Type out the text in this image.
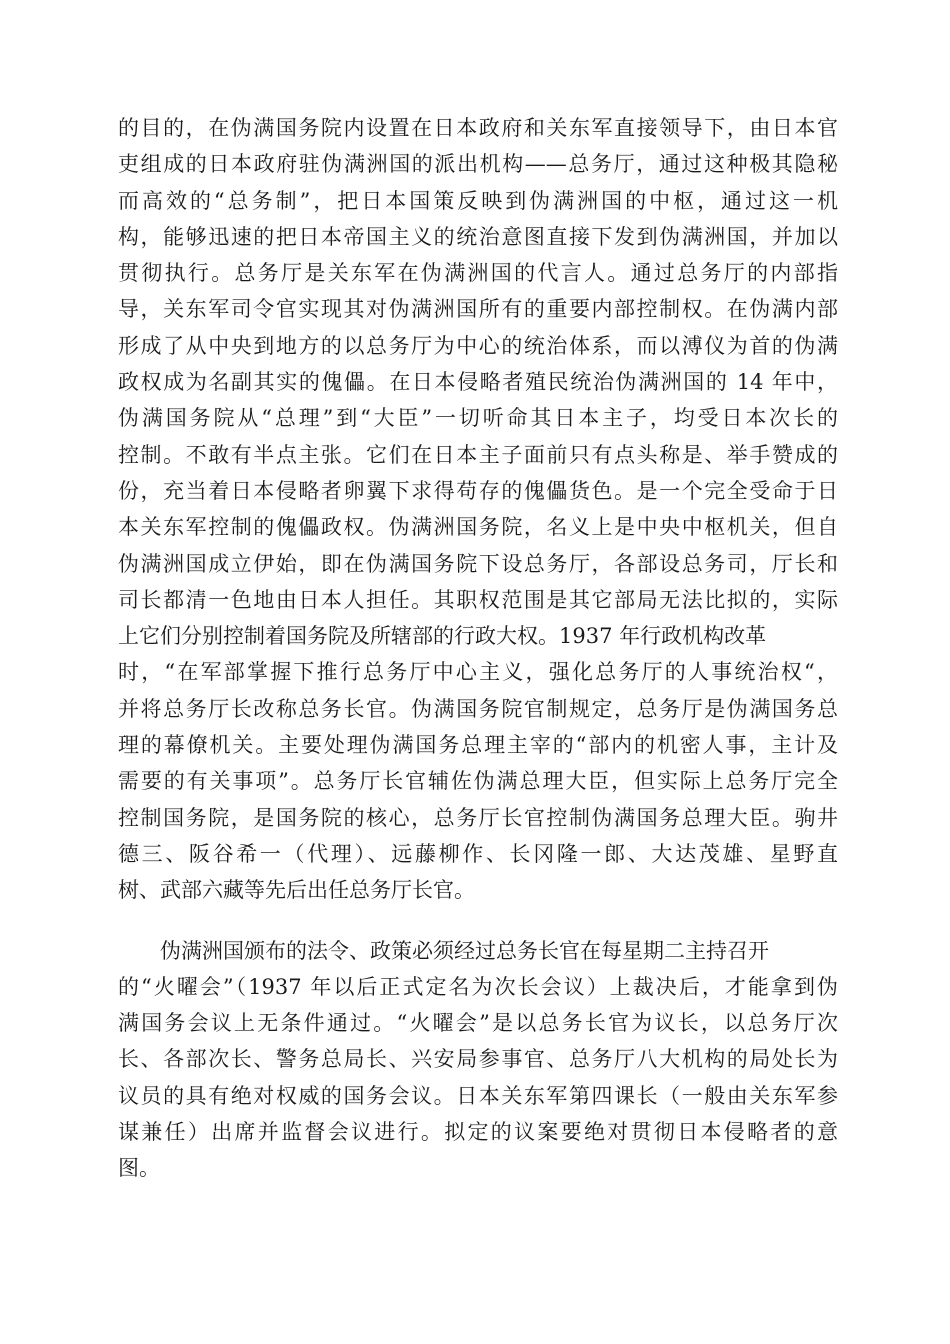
的目的，在伪满国务院内设置在日本政府和关东军直接领导下，由日本官
吏组成的日本政府驻伪满洲国的派出机构——总务厅，通过这种极其隐秘
而高效的“总务制”，把日本国策反映到伪满洲国的中枢，通过这一机
构，能够迅速的把日本帝国主义的统治意图直接下发到伪满洲国，并加以
贯彻执行。总务厅是关东军在伪满洲国的代言人。通过总务厅的内部指
导，关东军司令官实现其对伪满洲国所有的重要内部控制权。在伪满内部
形成了从中央到地方的以总务厅为中心的统治体系，而以溥仪为首的伪满
政权成为名副其实的傀儡。在日本侵略者殖民统治伪满洲国的 14 年中，
伪满国务院从“总理”到“大臣”一切听命其日本主子，均受日本次长的
控制。不敢有半点主张。它们在日本主子面前只有点头称是、举手赞成的
份，充当着日本侵略者卵翼下求得苟存的傀儡货色。是一个完全受命于日
本关东军控制的傀儡政权。伪满洲国务院，名义上是中央中枢机关，但自
伪满洲国成立伊始，即在伪满国务院下设总务厅，各部设总务司，厅长和
司长都清一色地由日本人担任。其职权范围是其它部局无法比拟的，实际
上它们分别控制着国务院及所辖部的行政大权。1937 年行政机构改革
时，“在军部掌握下推行总务厅中心主义，强化总务厅的人事统治权“，
并将总务厅长改称总务长官。伪满国务院官制规定，总务厅是伪满国务总
理的幕僚机关。主要处理伪满国务总理主宰的“部内的机密人事，主计及
需要的有关事项”。总务厅长官辅佐伪满总理大臣，但实际上总务厅完全
控制国务院，是国务院的核心，总务厅长官控制伪满国务总理大臣。驹井
德三、阪谷希一（代理）、远藤柳作、长冈隆一郎、大达茂雄、星野直
树、武部六藏等先后出任总务厅长官。
伪满洲国颁布的法令、政策必须经过总务长官在每星期二主持召开
的“火曜会”（1937 年以后正式定名为次长会议）上裁决后，才能拿到伪
满国务会议上无条件通过。“火曜会”是以总务长官为议长，以总务厅次
长、各部次长、警务总局长、兴安局参事官、总务厅八大机构的局处长为
议员的具有绝对权威的国务会议。日本关东军第四课长（一般由关东军参
谋兼任）出席并监督会议进行。拟定的议案要绝对贯彻日本侵略者的意
图。
